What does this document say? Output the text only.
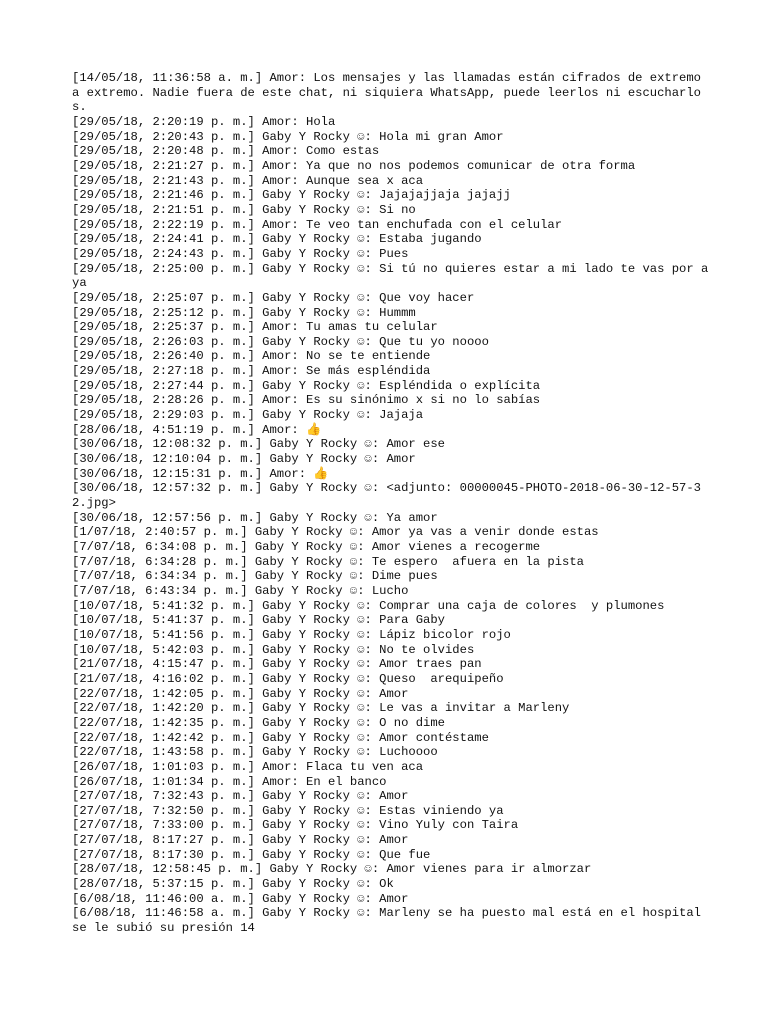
[14/05/18, 11:36:58 a. m.] Amor: Los mensajes y las llamadas están cifrados de extremo a extremo. Nadie fuera de este chat, ni siquiera WhatsApp, puede leerlos ni escucharlos.

[29/05/18, 2:20:19 p. m.] Amor: Hola

[29/05/18, 2:20:43 p. m.] Gaby Y Rocky ☺: Hola mi gran Amor

[29/05/18, 2:20:48 p. m.] Amor: Como estas

[29/05/18, 2:21:27 p. m.] Amor: Ya que no nos podemos comunicar de otra forma

[29/05/18, 2:21:43 p. m.] Amor: Aunque sea x aca

[29/05/18, 2:21:46 p. m.] Gaby Y Rocky ☺: Jajajajjaja jajajj

[29/05/18, 2:21:51 p. m.] Gaby Y Rocky ☺: Si no

[29/05/18, 2:22:19 p. m.] Amor: Te veo tan enchufada con el celular

[29/05/18, 2:24:41 p. m.] Gaby Y Rocky ☺: Estaba jugando

[29/05/18, 2:24:43 p. m.] Gaby Y Rocky ☺: Pues

[29/05/18, 2:25:00 p. m.] Gaby Y Rocky ☺: Si tú no quieres estar a mi lado te vas por aya

[29/05/18, 2:25:07 p. m.] Gaby Y Rocky ☺: Que voy hacer

[29/05/18, 2:25:12 p. m.] Gaby Y Rocky ☺: Hummm

[29/05/18, 2:25:37 p. m.] Amor: Tu amas tu celular

[29/05/18, 2:26:03 p. m.] Gaby Y Rocky ☺: Que tu yo noooo

[29/05/18, 2:26:40 p. m.] Amor: No se te entiende

[29/05/18, 2:27:18 p. m.] Amor: Se más espléndida

[29/05/18, 2:27:44 p. m.] Gaby Y Rocky ☺: Espléndida o explícita

[29/05/18, 2:28:26 p. m.] Amor: Es su sinónimo x si no lo sabías

[29/05/18, 2:29:03 p. m.] Gaby Y Rocky ☺: Jajaja

[28/06/18, 4:51:19 p. m.] Amor: 👍

[30/06/18, 12:08:32 p. m.] Gaby Y Rocky ☺: Amor ese

[30/06/18, 12:10:04 p. m.] Gaby Y Rocky ☺: Amor

[30/06/18, 12:15:31 p. m.] Amor: 👍

[30/06/18, 12:57:32 p. m.] Gaby Y Rocky ☺: <adjunto: 00000045-PHOTO-2018-06-30-12-57-32.jpg>

[30/06/18, 12:57:56 p. m.] Gaby Y Rocky ☺: Ya amor

[1/07/18, 2:40:57 p. m.] Gaby Y Rocky ☺: Amor ya vas a venir donde estas

[7/07/18, 6:34:08 p. m.] Gaby Y Rocky ☺: Amor vienes a recogerme

[7/07/18, 6:34:28 p. m.] Gaby Y Rocky ☺: Te espero  afuera en la pista

[7/07/18, 6:34:34 p. m.] Gaby Y Rocky ☺: Dime pues

[7/07/18, 6:43:34 p. m.] Gaby Y Rocky ☺: Lucho

[10/07/18, 5:41:32 p. m.] Gaby Y Rocky ☺: Comprar una caja de colores  y plumones

[10/07/18, 5:41:37 p. m.] Gaby Y Rocky ☺: Para Gaby

[10/07/18, 5:41:56 p. m.] Gaby Y Rocky ☺: Lápiz bicolor rojo

[10/07/18, 5:42:03 p. m.] Gaby Y Rocky ☺: No te olvides

[21/07/18, 4:15:47 p. m.] Gaby Y Rocky ☺: Amor traes pan

[21/07/18, 4:16:02 p. m.] Gaby Y Rocky ☺: Queso  arequipeño

[22/07/18, 1:42:05 p. m.] Gaby Y Rocky ☺: Amor

[22/07/18, 1:42:20 p. m.] Gaby Y Rocky ☺: Le vas a invitar a Marleny

[22/07/18, 1:42:35 p. m.] Gaby Y Rocky ☺: O no dime

[22/07/18, 1:42:42 p. m.] Gaby Y Rocky ☺: Amor contéstame

[22/07/18, 1:43:58 p. m.] Gaby Y Rocky ☺: Luchoooo

[26/07/18, 1:01:03 p. m.] Amor: Flaca tu ven aca

[26/07/18, 1:01:34 p. m.] Amor: En el banco

[27/07/18, 7:32:43 p. m.] Gaby Y Rocky ☺: Amor

[27/07/18, 7:32:50 p. m.] Gaby Y Rocky ☺: Estas viniendo ya

[27/07/18, 7:33:00 p. m.] Gaby Y Rocky ☺: Vino Yuly con Taira

[27/07/18, 8:17:27 p. m.] Gaby Y Rocky ☺: Amor

[27/07/18, 8:17:30 p. m.] Gaby Y Rocky ☺: Que fue

[28/07/18, 12:58:45 p. m.] Gaby Y Rocky ☺: Amor vienes para ir almorzar

[28/07/18, 5:37:15 p. m.] Gaby Y Rocky ☺: Ok

[6/08/18, 11:46:00 a. m.] Gaby Y Rocky ☺: Amor

[6/08/18, 11:46:58 a. m.] Gaby Y Rocky ☺: Marleny se ha puesto mal está en el hospital se le subió su presión 14
